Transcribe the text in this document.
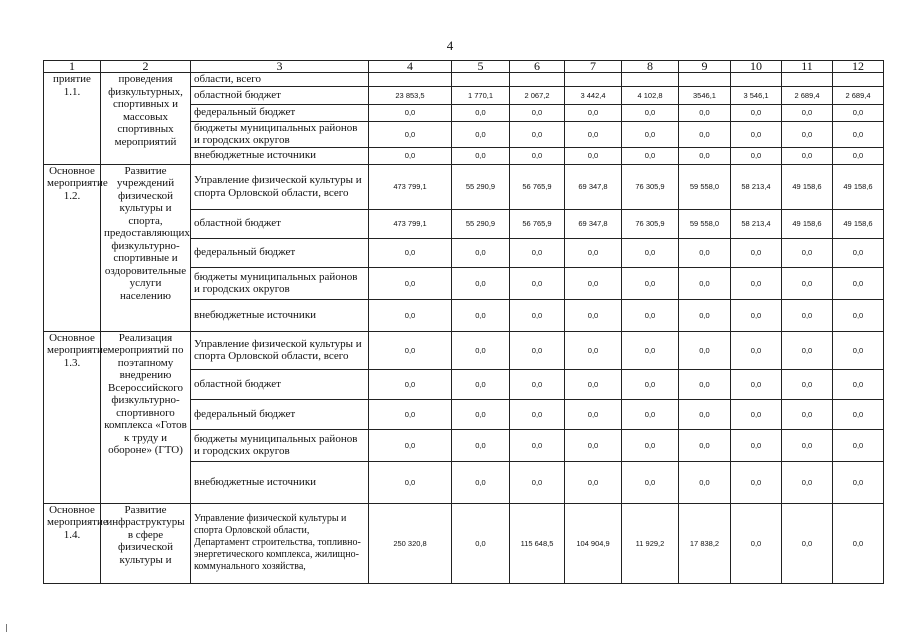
4
1	2	3	4	5	6	7	8	9	10	11	12
приятие 1.1.	проведения физкультурных, спортивных и массовых спортивных мероприятий	области, всего									
		областной бюджет	23 853,5	1 770,1	2 067,2	3 442,4	4 102,8	3546,1	3 546,1	2 689,4	2 689,4
		федеральный бюджет	0,0	0,0	0,0	0,0	0,0	0,0	0,0	0,0	0,0
		бюджеты муниципальных районов и городских округов	0,0	0,0	0,0	0,0	0,0	0,0	0,0	0,0	0,0
		внебюджетные источники	0,0	0,0	0,0	0,0	0,0	0,0	0,0	0,0	0,0
Основное мероприятие 1.2.	Развитие учреждений физической культуры и спорта, предоставляющих физкультурно-спортивные и оздоровительные услуги населению	Управление физической культуры и спорта Орловской области, всего	473 799,1	55 290,9	56 765,9	69 347,8	76 305,9	59 558,0	58 213,4	49 158,6	49 158,6
		областной бюджет	473 799,1	55 290,9	56 765,9	69 347,8	76 305,9	59 558,0	58 213,4	49 158,6	49 158,6
		федеральный бюджет	0,0	0,0	0,0	0,0	0,0	0,0	0,0	0,0	0,0
		бюджеты муниципальных районов и городских округов	0,0	0,0	0,0	0,0	0,0	0,0	0,0	0,0	0,0
		внебюджетные источники	0,0	0,0	0,0	0,0	0,0	0,0	0,0	0,0	0,0
Основное мероприятие 1.3.	Реализация мероприятий по поэтапному внедрению Всероссийского физкультурно-спортивного комплекса «Готов к труду и обороне» (ГТО)	Управление физической культуры и спорта Орловской области, всего	0,0	0,0	0,0	0,0	0,0	0,0	0,0	0,0	0,0
		областной бюджет	0,0	0,0	0,0	0,0	0,0	0,0	0,0	0,0	0,0
		федеральный бюджет	0,0	0,0	0,0	0,0	0,0	0,0	0,0	0,0	0,0
		бюджеты муниципальных районов и городских округов	0,0	0,0	0,0	0,0	0,0	0,0	0,0	0,0	0,0
		внебюджетные источники	0,0	0,0	0,0	0,0	0,0	0,0	0,0	0,0	0,0
Основное мероприятие 1.4.	Развитие инфраструктуры в сфере физической культуры и	Управление физической культуры и спорта Орловской области, Департамент строительства, топливно-энергетического комплекса, жилищно-коммунального хозяйства,	250 320,8	0,0	115 648,5	104 904,9	11 929,2	17 838,2	0,0	0,0	0,0
